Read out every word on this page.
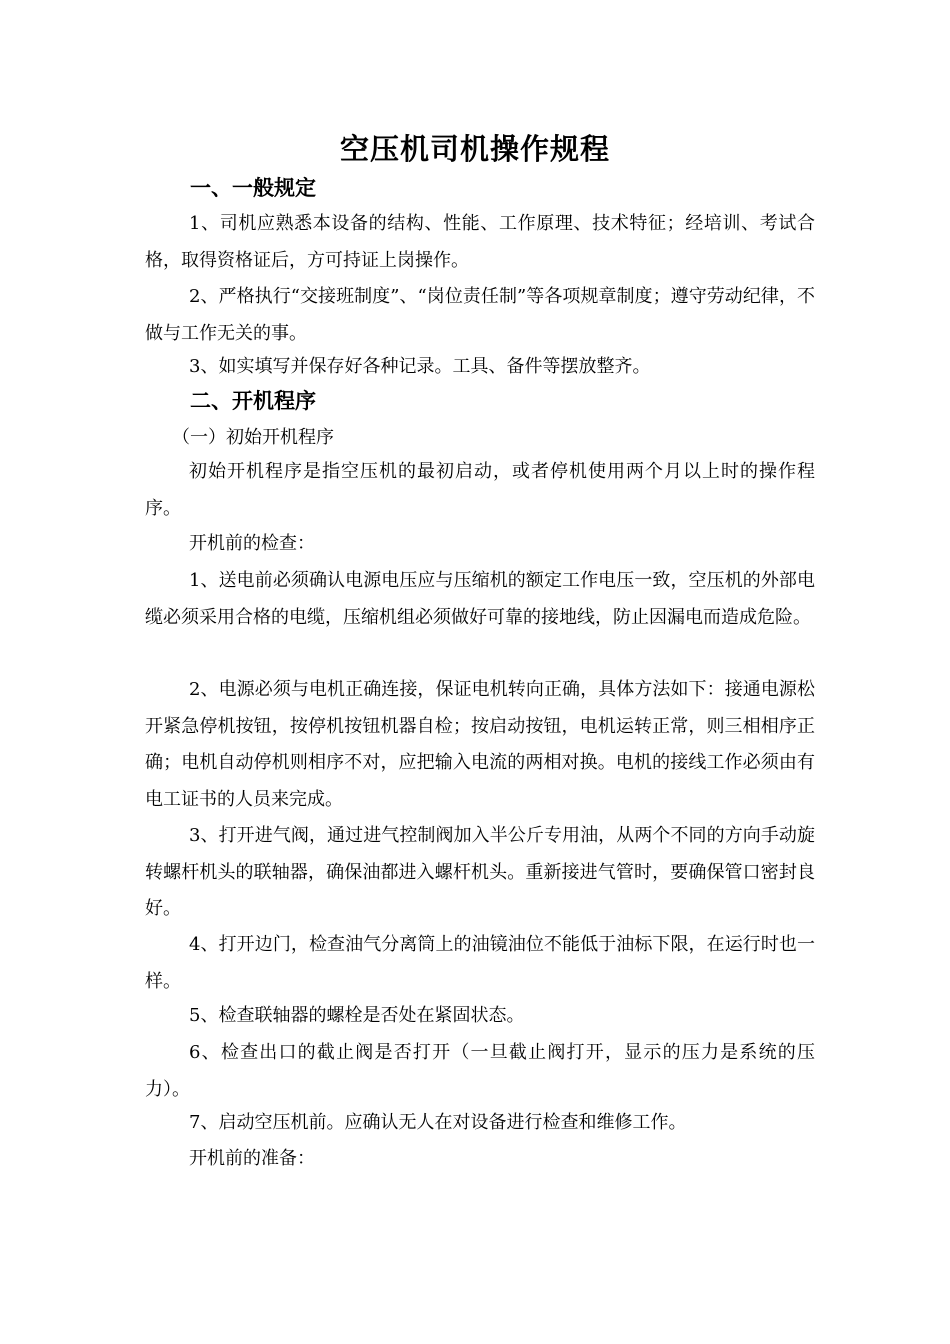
空压机司机操作规程
一、一般规定

1、司机应熟悉本设备的结构、性能、工作原理、技术特征；经培训、考试合格，取得资格证后，方可持证上岗操作。

2、严格执行“交接班制度”、“岗位责任制”等各项规章制度；遵守劳动纪律，不做与工作无关的事。

3、如实填写并保存好各种记录。工具、备件等摆放整齐。

二、开机程序

（一）初始开机程序

初始开机程序是指空压机的最初启动，或者停机使用两个月以上时的操作程序。

开机前的检查：

1、送电前必须确认电源电压应与压缩机的额定工作电压一致，空压机的外部电缆必须采用合格的电缆，压缩机组必须做好可靠的接地线，防止因漏电而造成危险。

2、电源必须与电机正确连接，保证电机转向正确，具体方法如下：接通电源松开紧急停机按钮，按停机按钮机器自检；按启动按钮，电机运转正常，则三相相序正确；电机自动停机则相序不对，应把输入电流的两相对换。电机的接线工作必须由有电工证书的人员来完成。

3、打开进气阀，通过进气控制阀加入半公斤专用油，从两个不同的方向手动旋转螺杆机头的联轴器，确保油都进入螺杆机头。重新接进气管时，要确保管口密封良好。

4、打开边门，检查油气分离筒上的油镜油位不能低于油标下限，在运行时也一样。

5、检查联轴器的螺栓是否处在紧固状态。

6、检查出口的截止阀是否打开（一旦截止阀打开，显示的压力是系统的压力）。

7、启动空压机前。应确认无人在对设备进行检查和维修工作。

开机前的准备：
